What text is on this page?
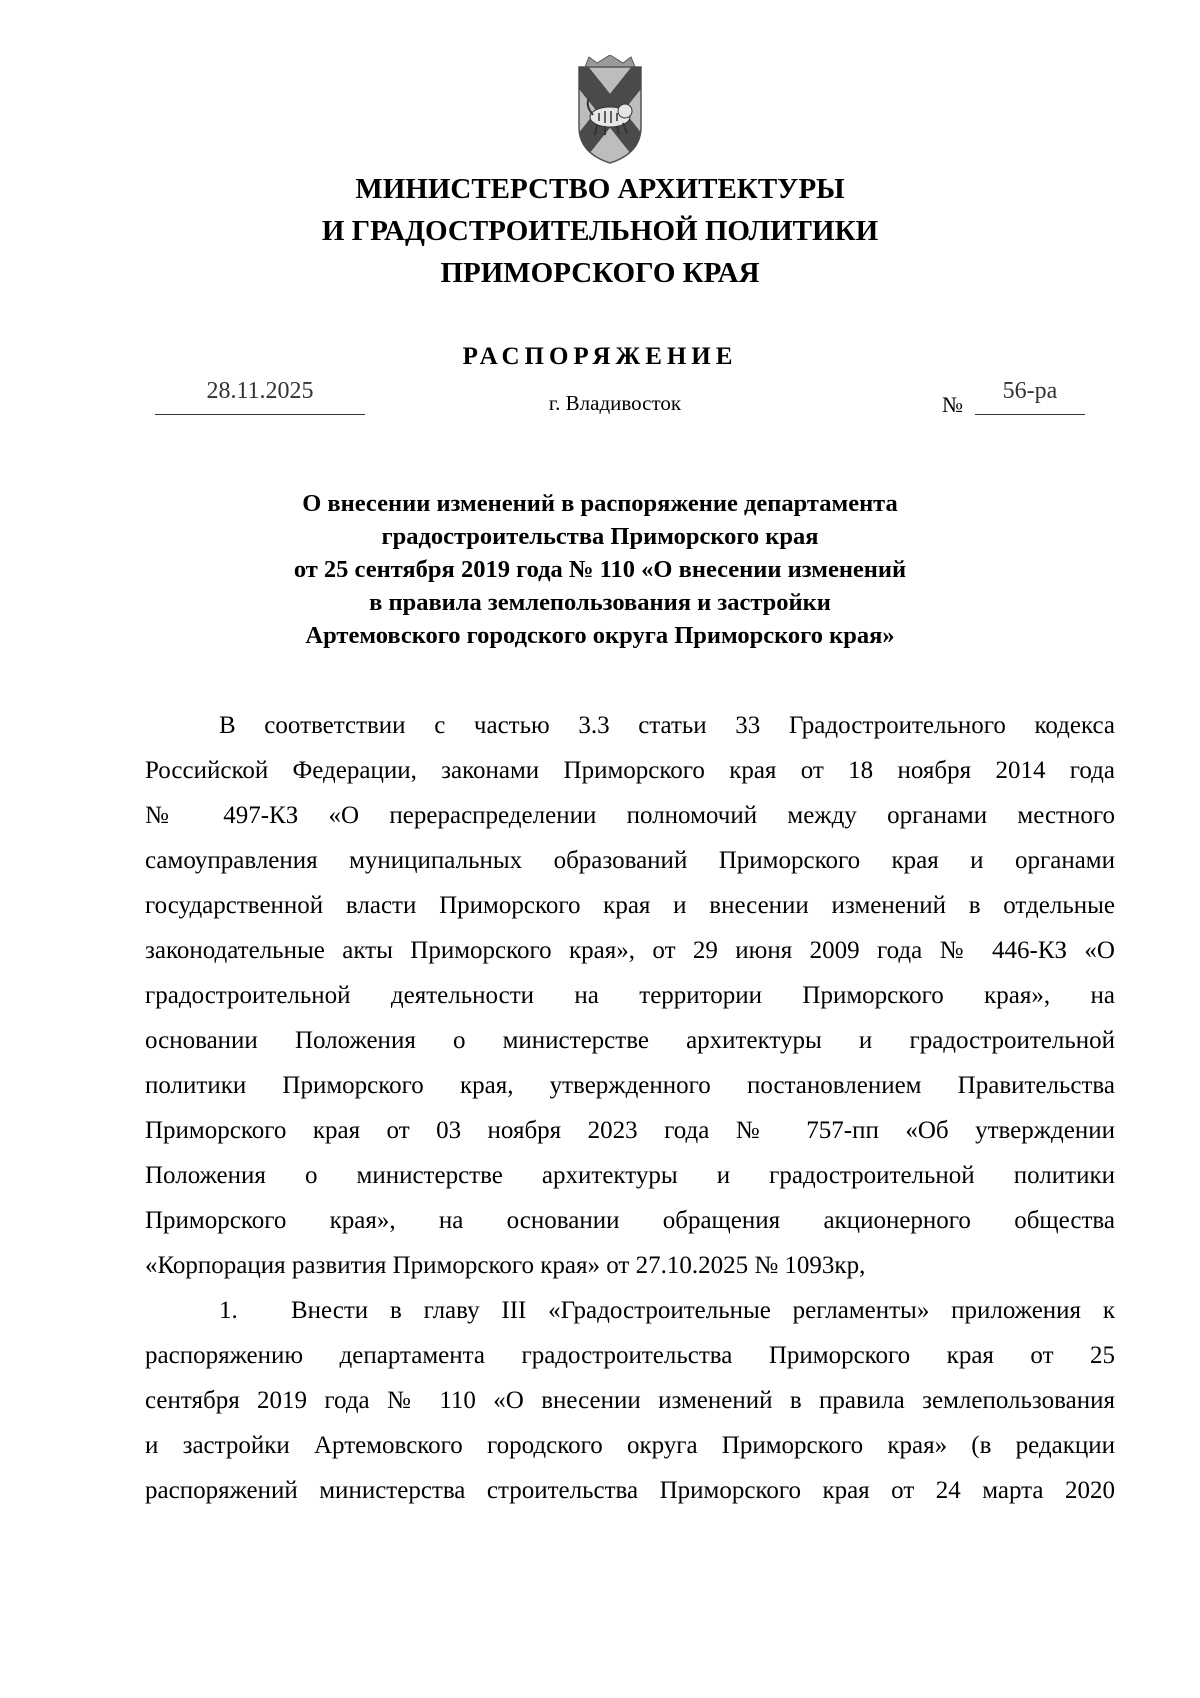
МИНИСТЕРСТВО АРХИТЕКТУРЫ
И ГРАДОСТРОИТЕЛЬНОЙ ПОЛИТИКИ
ПРИМОРСКОГО КРАЯ
РАСПОРЯЖЕНИЕ
28.11.2025	г. Владивосток	№
56-ра
О внесении изменений в распоряжение департамента
градостроительства Приморского края
от 25 сентября 2019 года № 110 «О внесении изменений
в правила землепользования и застройки
Артемовского городского округа Приморского края»
В соответствии с частью 3.3 статьи 33 Градостроительного кодекса
Российской Федерации, законами Приморского края от 18 ноября 2014 года
№ 497-КЗ «О перераспределении полномочий между органами местного
самоуправления муниципальных образований Приморского края и органами
государственной власти Приморского края и внесении изменений в отдельные
законодательные акты Приморского края», от 29 июня 2009 года № 446-КЗ «О
градостроительной деятельности на территории Приморского края», на
основании Положения о министерстве архитектуры и градостроительной
политики Приморского края, утвержденного постановлением Правительства
Приморского края от 03 ноября 2023 года № 757-пп «Об утверждении
Положения о министерстве архитектуры и градостроительной политики
Приморского края», на основании обращения акционерного общества
«Корпорация развития Приморского края» от 27.10.2025 № 1093кр,
1. Внести в главу III «Градостроительные регламенты» приложения к
распоряжению департамента градостроительства Приморского края от 25
сентября 2019 года № 110 «О внесении изменений в правила землепользования
и застройки Артемовского городского округа Приморского края» (в редакции
распоряжений министерства строительства Приморского края от 24 марта 2020
